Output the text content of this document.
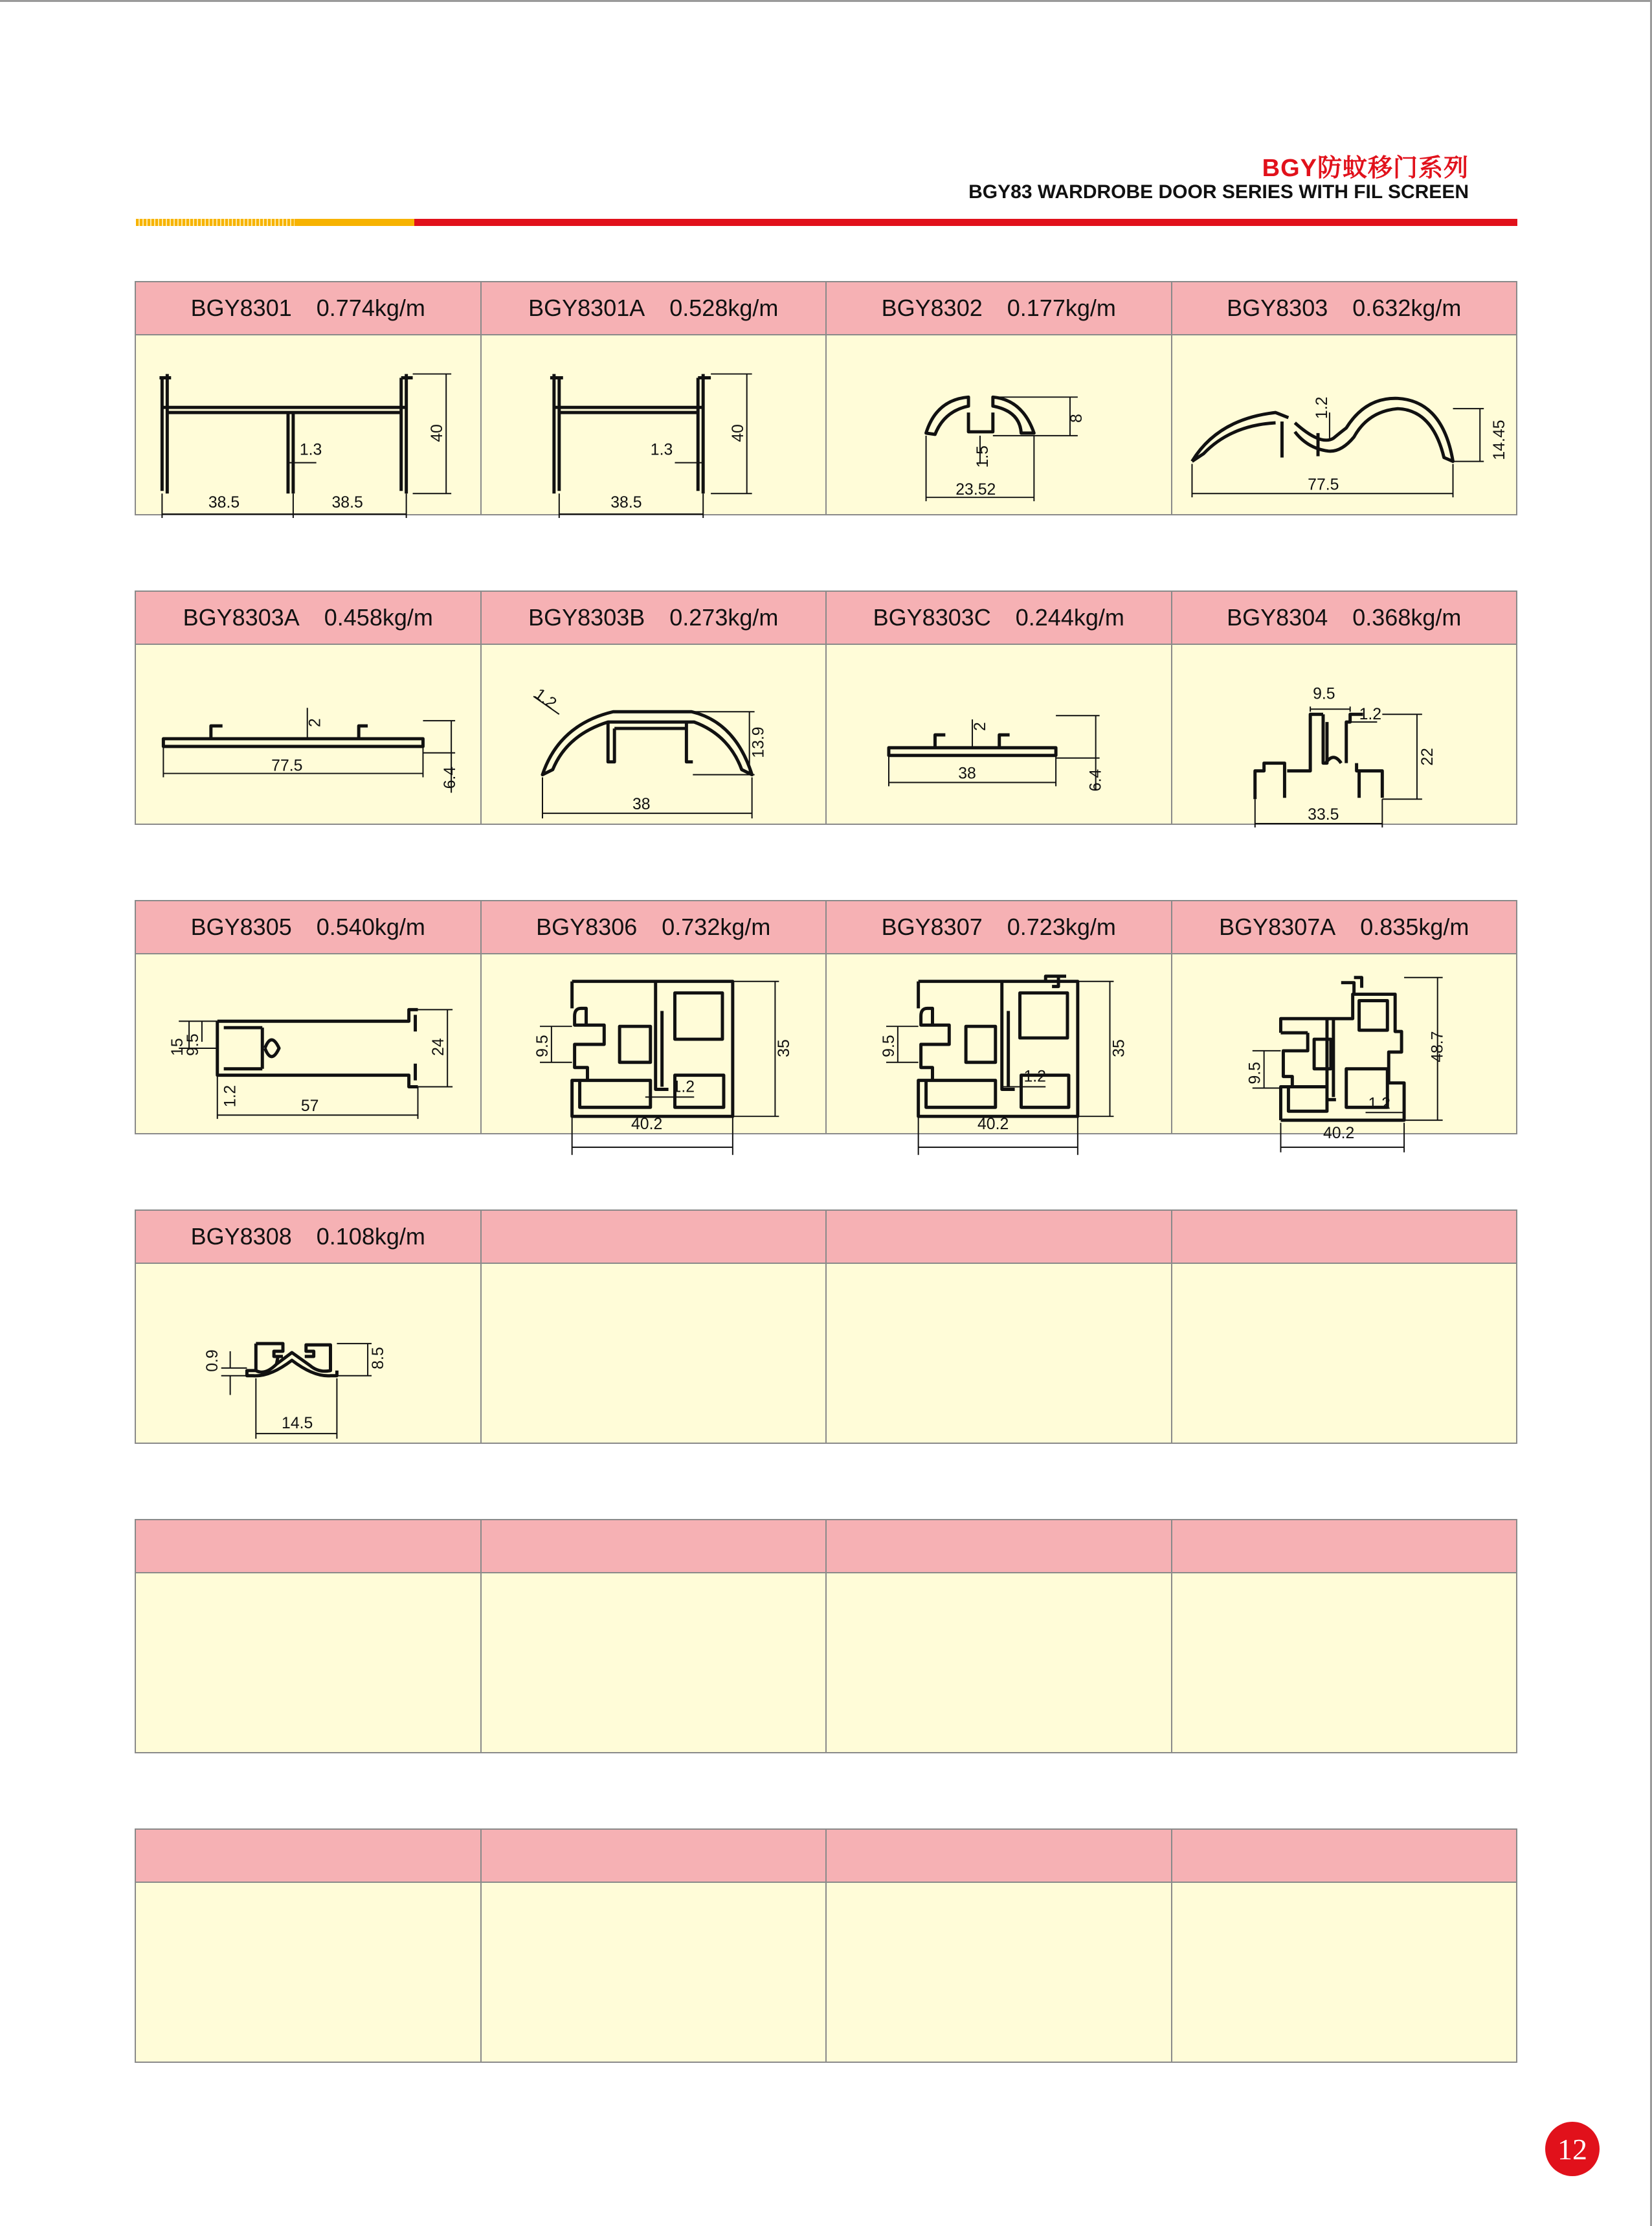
BGY防蚊移门系列
BGY83 WARDROBE DOOR SERIES WITH FIL SCREEN
BGY8301 0.774kg/m	BGY8301A 0.528kg/m	BGY8302 0.177kg/m	BGY8303 0.632kg/m
38.5	38.5
1.3
40
38.5
1.3
40
23.52
1.5
8
77.5
1.2
14.45
BGY8303A 0.458kg/m	BGY8303B 0.273kg/m	BGY8303C 0.244kg/m	BGY8304 0.368kg/m
77.5
2
6.4
38
1.2
13.9
38
2
6.4
9.5
1.2
22
33.5
BGY8305 0.540kg/m	BGY8306 0.732kg/m	BGY8307 0.723kg/m	BGY8307A 0.835kg/m
57
15
9.5
1.2
24
40.2
9.5
1.2
35
40.2
9.5
1.2
35
40.2
9.5
1.2
48.7
BGY8308 0.108kg/m
14.5
0.9	8.5
12
